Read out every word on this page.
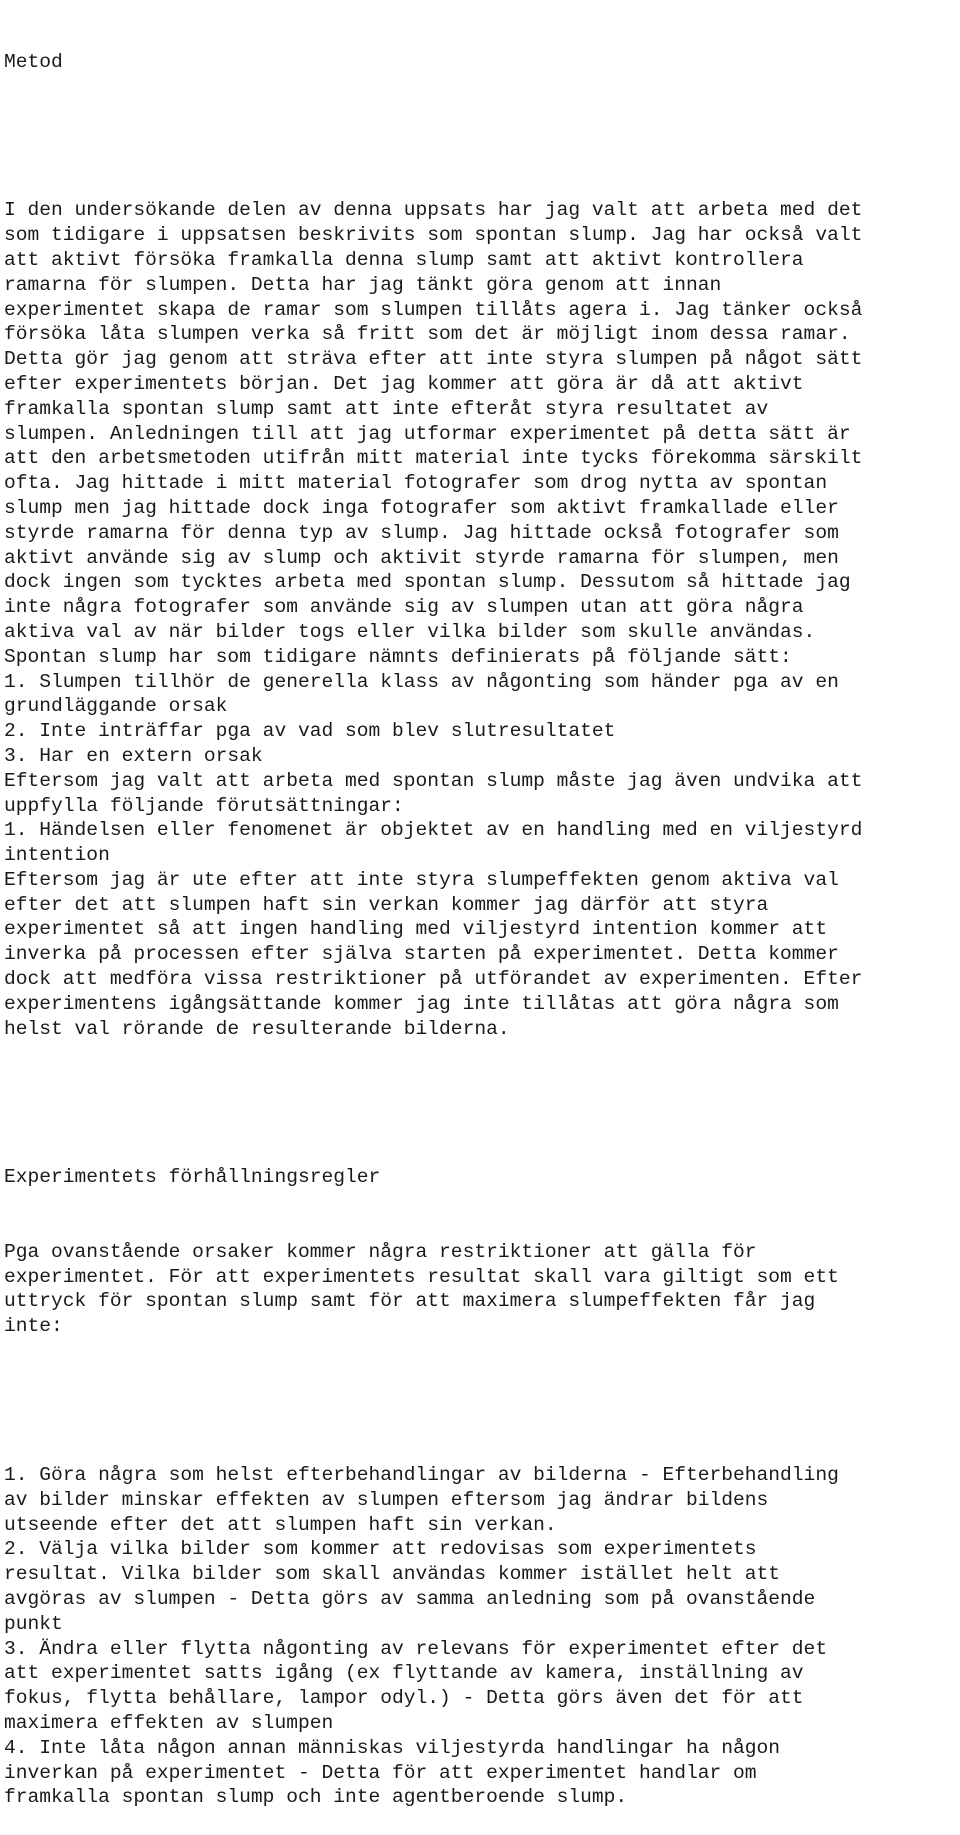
Metod

I den undersökande delen av denna uppsats har jag valt att arbeta med det
som tidigare i uppsatsen beskrivits som spontan slump. Jag har också valt
att aktivt försöka framkalla denna slump samt att aktivt kontrollera
ramarna för slumpen. Detta har jag tänkt göra genom att innan
experimentet skapa de ramar som slumpen tillåts agera i. Jag tänker också
försöka låta slumpen verka så fritt som det är möjligt inom dessa ramar.
Detta gör jag genom att sträva efter att inte styra slumpen på något sätt
efter experimentets början. Det jag kommer att göra är då att aktivt
framkalla spontan slump samt att inte efteråt styra resultatet av
slumpen. Anledningen till att jag utformar experimentet på detta sätt är
att den arbetsmetoden utifrån mitt material inte tycks förekomma särskilt
ofta. Jag hittade i mitt material fotografer som drog nytta av spontan
slump men jag hittade dock inga fotografer som aktivt framkallade eller
styrde ramarna för denna typ av slump. Jag hittade också fotografer som
aktivt använde sig av slump och aktivit styrde ramarna för slumpen, men
dock ingen som tycktes arbeta med spontan slump. Dessutom så hittade jag
inte några fotografer som använde sig av slumpen utan att göra några
aktiva val av när bilder togs eller vilka bilder som skulle användas.
Spontan slump har som tidigare nämnts definierats på följande sätt:
1. Slumpen tillhör de generella klass av någonting som händer pga av en
grundläggande orsak
2. Inte inträffar pga av vad som blev slutresultatet
3. Har en extern orsak
Eftersom jag valt att arbeta med spontan slump måste jag även undvika att
uppfylla följande förutsättningar:
1. Händelsen eller fenomenet är objektet av en handling med en viljestyrd
intention
Eftersom jag är ute efter att inte styra slumpeffekten genom aktiva val
efter det att slumpen haft sin verkan kommer jag därför att styra
experimentet så att ingen handling med viljestyrd intention kommer att
inverka på processen efter själva starten på experimentet. Detta kommer
dock att medföra vissa restriktioner på utförandet av experimenten. Efter
experimentens igångsättande kommer jag inte tillåtas att göra några som
helst val rörande de resulterande bilderna.

Experimentets förhållningsregler

Pga ovanstående orsaker kommer några restriktioner att gälla för
experimentet. För att experimentets resultat skall vara giltigt som ett
uttryck för spontan slump samt för att maximera slumpeffekten får jag
inte:

1. Göra några som helst efterbehandlingar av bilderna - Efterbehandling
av bilder minskar effekten av slumpen eftersom jag ändrar bildens
utseende efter det att slumpen haft sin verkan.
2. Välja vilka bilder som kommer att redovisas som experimentets
resultat. Vilka bilder som skall användas kommer istället helt att
avgöras av slumpen - Detta görs av samma anledning som på ovanstående
punkt
3. Ändra eller flytta någonting av relevans för experimentet efter det
att experimentet satts igång (ex flyttande av kamera, inställning av
fokus, flytta behållare, lampor odyl.) - Detta görs även det för att
maximera effekten av slumpen
4. Inte låta någon annan människas viljestyrda handlingar ha någon
inverkan på experimentet - Detta för att experimentet handlar om
framkalla spontan slump och inte agentberoende slump.
